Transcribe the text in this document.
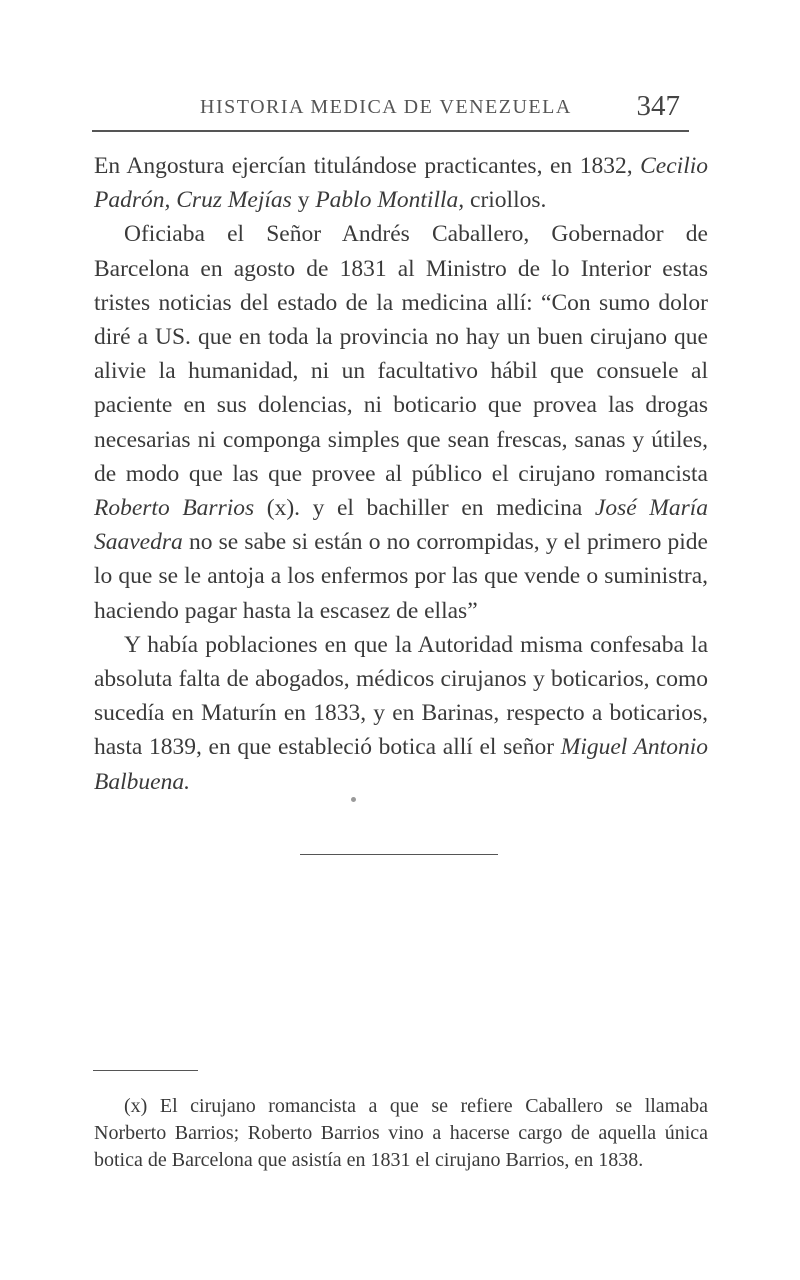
HISTORIA MEDICA DE VENEZUELA 347

En Angostura ejercían titulándose practicantes, en 1832, Cecilio Padrón, Cruz Mejías y Pablo Montilla, criollos.

Oficiaba el Señor Andrés Caballero, Gobernador de Barcelona en agosto de 1831 al Ministro de lo Interior estas tristes noticias del estado de la medicina allí: “Con sumo dolor diré a US. que en toda la provincia no hay un buen cirujano que alivie la humanidad, ni un facultativo hábil que consuele al paciente en sus dolencias, ni boticario que provea las drogas necesarias ni componga simples que sean frescas, sanas y útiles, de modo que las que provee al público el cirujano romancista Roberto Barrios (x). y el bachiller en medicina José María Saavedra no se sabe si están o no corrompidas, y el primero pide lo que se le antoja a los enfermos por las que vende o suministra, haciendo pagar hasta la escasez de ellas”

Y había poblaciones en que la Autoridad misma confesaba la absoluta falta de abogados, médicos cirujanos y boticarios, como sucedía en Maturín en 1833, y en Barinas, respecto a boticarios, hasta 1839, en que estableció botica allí el señor Miguel Antonio Balbuena.

(x) El cirujano romancista a que se refiere Caballero se llamaba Norberto Barrios; Roberto Barrios vino a hacerse cargo de aquella única botica de Barcelona que asistía en 1831 el cirujano Barrios, en 1838.
